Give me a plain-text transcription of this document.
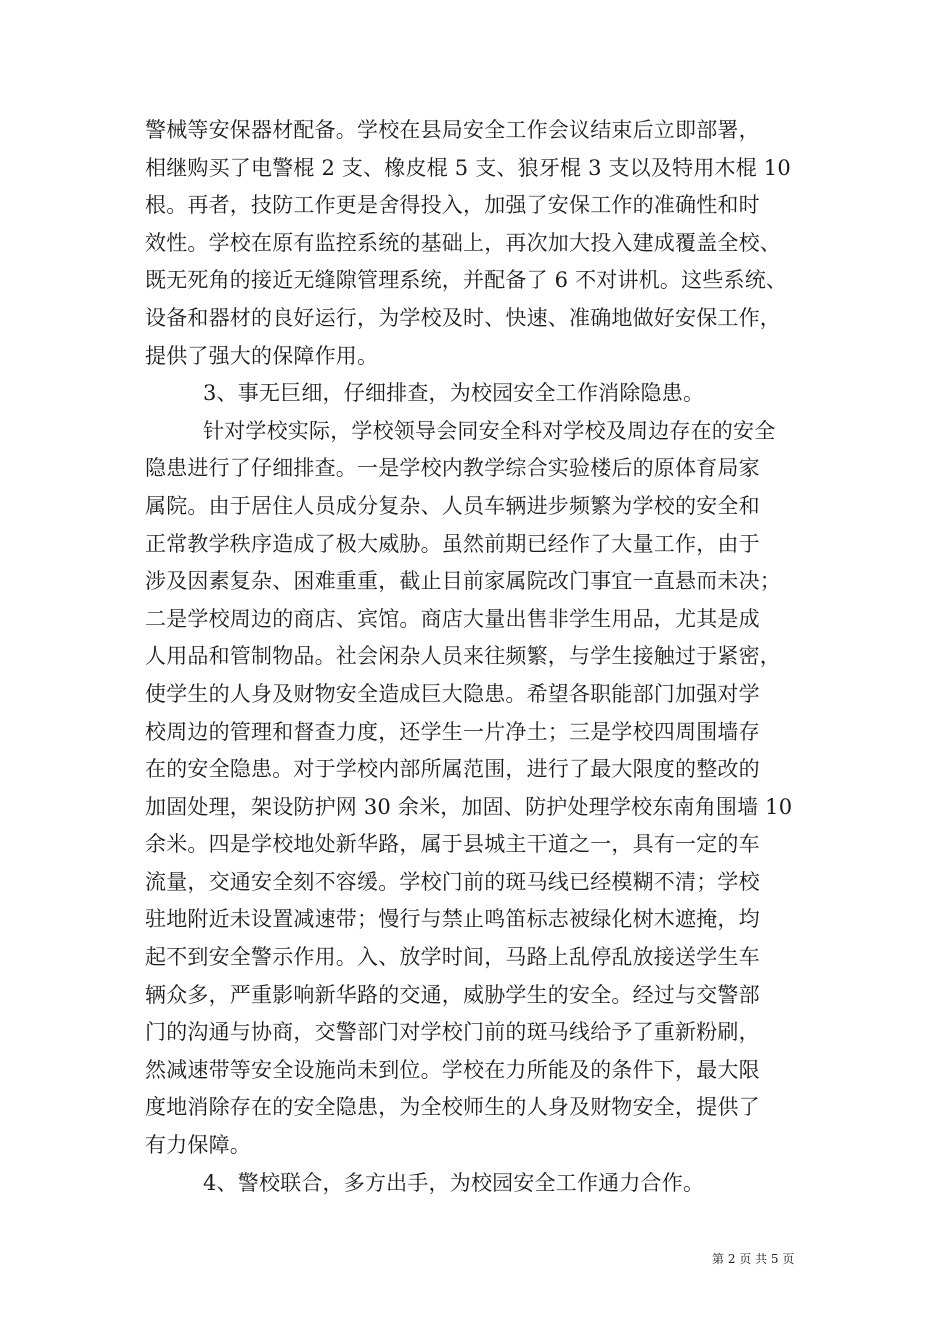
警械等安保器材配备。学校在县局安全工作会议结束后立即部署，
相继购买了电警棍 2 支、橡皮棍 5 支、狼牙棍 3 支以及特用木棍 10
根。再者，技防工作更是舍得投入，加强了安保工作的准确性和时
效性。学校在原有监控系统的基础上，再次加大投入建成覆盖全校、
既无死角的接近无缝隙管理系统，并配备了 6 不对讲机。这些系统、
设备和器材的良好运行，为学校及时、快速、准确地做好安保工作，
提供了强大的保障作用。
3、事无巨细，仔细排查，为校园安全工作消除隐患。
针对学校实际，学校领导会同安全科对学校及周边存在的安全
隐患进行了仔细排查。一是学校内教学综合实验楼后的原体育局家
属院。由于居住人员成分复杂、人员车辆进步频繁为学校的安全和
正常教学秩序造成了极大威胁。虽然前期已经作了大量工作，由于
涉及因素复杂、困难重重，截止目前家属院改门事宜一直悬而未决；
二是学校周边的商店、宾馆。商店大量出售非学生用品，尤其是成
人用品和管制物品。社会闲杂人员来往频繁，与学生接触过于紧密，
使学生的人身及财物安全造成巨大隐患。希望各职能部门加强对学
校周边的管理和督查力度，还学生一片净土；三是学校四周围墙存
在的安全隐患。对于学校内部所属范围，进行了最大限度的整改的
加固处理，架设防护网 30 余米，加固、防护处理学校东南角围墙 10
余米。四是学校地处新华路，属于县城主干道之一，具有一定的车
流量，交通安全刻不容缓。学校门前的斑马线已经模糊不清；学校
驻地附近未设置减速带；慢行与禁止鸣笛标志被绿化树木遮掩，均
起不到安全警示作用。入、放学时间，马路上乱停乱放接送学生车
辆众多，严重影响新华路的交通，威胁学生的安全。经过与交警部
门的沟通与协商，交警部门对学校门前的斑马线给予了重新粉刷，
然减速带等安全设施尚未到位。学校在力所能及的条件下，最大限
度地消除存在的安全隐患，为全校师生的人身及财物安全，提供了
有力保障。
4、警校联合，多方出手，为校园安全工作通力合作。
第 2 页 共 5 页
